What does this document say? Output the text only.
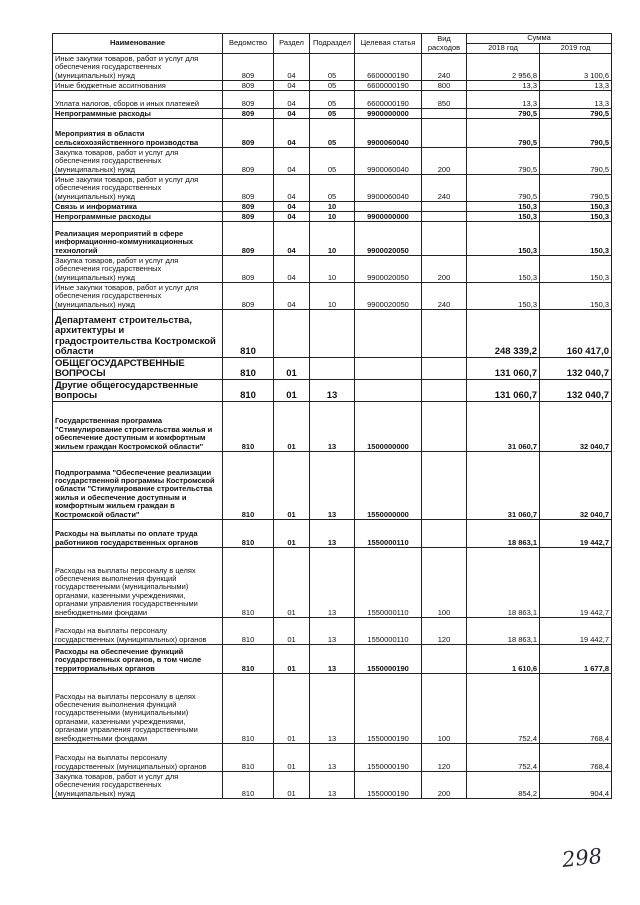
Наименование	Ведомство	Раздел	Подраздел	Целевая статья	Вид расходов	Сумма	
						2018 год	2019 год
Иные закупки товаров, работ и услуг для обеспечения государственных (муниципальных) нужд	809	04	05	6600000190	240	2 956,8	3 100,6
Иные бюджетные ассигнования	809	04	05	6600000190	800	13,3	13,3
Уплата налогов, сборов и иных платежей	809	04	05	6600000190	850	13,3	13,3
Непрограммные расходы	809	04	05	9900000000		790,5	790,5
Мероприятия в области сельскохозяйственного производства	809	04	05	9900060040		790,5	790,5
Закупка товаров, работ и услуг для обеспечения государственных (муниципальных) нужд	809	04	05	9900060040	200	790,5	790,5
Иные закупки товаров, работ и услуг для обеспечения государственных (муниципальных) нужд	809	04	05	9900060040	240	790,5	790,5
Связь и информатика	809	04	10			150,3	150,3
Непрограммные расходы	809	04	10	9900000000		150,3	150,3
Реализация мероприятий в сфере информационно-коммуникационных технологий	809	04	10	9900020050		150,3	150,3
Закупка товаров, работ и услуг для обеспечения государственных (муниципальных) нужд	809	04	10	9900020050	200	150,3	150,3
Иные закупки товаров, работ и услуг для обеспечения государственных (муниципальных) нужд	809	04	10	9900020050	240	150,3	150,3
Департамент строительства, архитектуры и градостроительства Костромской области	810					248 339,2	160 417,0
ОБЩЕГОСУДАРСТВЕННЫЕ ВОПРОСЫ	810	01				131 060,7	132 040,7
Другие общегосударственные вопросы	810	01	13			131 060,7	132 040,7
Государственная программа "Стимулирование строительства жилья и обеспечение доступным и комфортным жильем граждан Костромской области"	810	01	13	1500000000		31 060,7	32 040,7
Подпрограмма "Обеспечение реализации государственной программы Костромской области "Стимулирование строительства жилья и обеспечение доступным и комфортным жильем граждан в Костромской области"	810	01	13	1550000000		31 060,7	32 040,7
Расходы на выплаты по оплате труда работников государственных органов	810	01	13	1550000110		18 863,1	19 442,7
Расходы на выплаты персоналу в целях обеспечения выполнения функций государственными (муниципальными) органами, казенными учреждениями, органами управления государственными внебюджетными фондами	810	01	13	1550000110	100	18 863,1	19 442,7
Расходы на выплаты персоналу государственных (муниципальных) органов	810	01	13	1550000110	120	18 863,1	19 442,7
Расходы на обеспечение функций государственных органов, в том числе территориальных органов	810	01	13	1550000190		1 610,6	1 677,8
Расходы на выплаты персоналу в целях обеспечения выполнения функций государственными (муниципальными) органами, казенными учреждениями, органами управления государственными внебюджетными фондами	810	01	13	1550000190	100	752,4	768,4
Расходы на выплаты персоналу государственных (муниципальных) органов	810	01	13	1550000190	120	752,4	768,4
Закупка товаров, работ и услуг для обеспечения государственных (муниципальных) нужд	810	01	13	1550000190	200	854,2	904,4
298
